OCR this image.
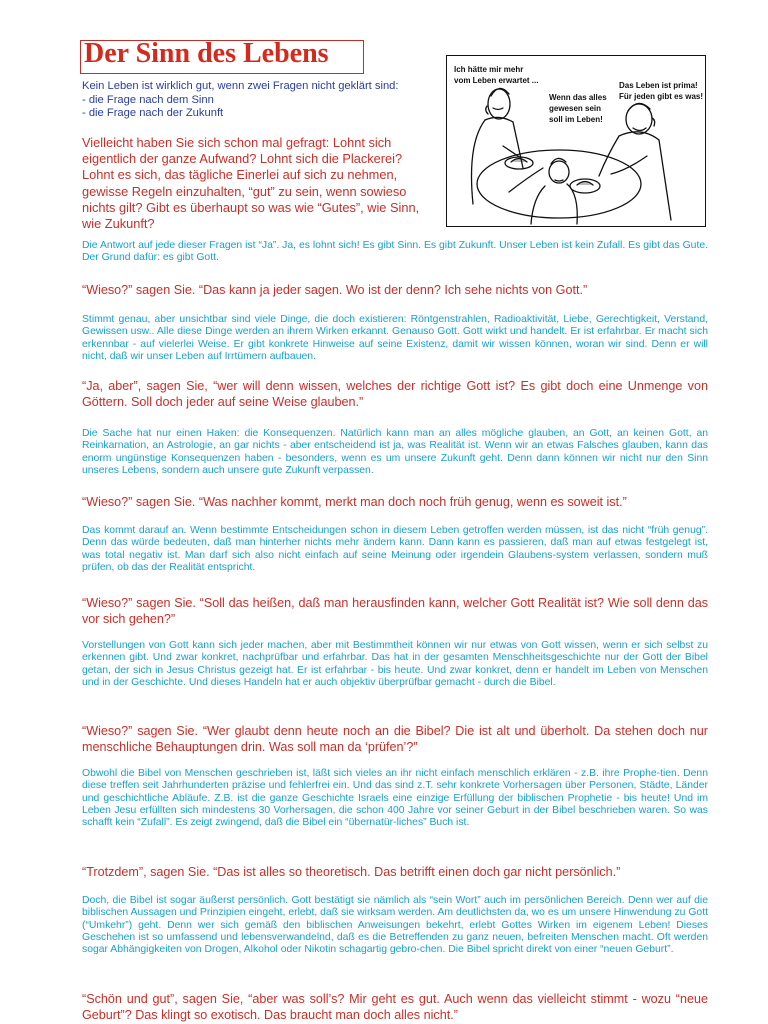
Der Sinn des Lebens

Kein Leben ist wirklich gut, wenn zwei Fragen nicht geklärt sind:

- die Frage nach dem Sinn

- die Frage nach der Zukunft

Vielleicht haben Sie sich schon mal gefragt: Lohnt sich eigentlich der ganze Aufwand? Lohnt sich die Plackerei? Lohnt es sich, das tägliche Einerlei auf sich zu nehmen, gewisse Regeln einzuhalten, “gut” zu sein, wenn sowieso nichts gilt? Gibt es überhaupt so was wie “Gutes”, wie Sinn, wie Zukunft?

Ich hätte mir mehr
vom Leben erwartet ...
Wenn das alles
gewesen sein
soll im Leben!
Das Leben ist prima!
Für jeden gibt es was!

Die Antwort auf jede dieser Fragen ist “Ja”. Ja, es lohnt sich! Es gibt Sinn. Es gibt Zukunft. Unser Leben ist kein Zufall. Es gibt das Gute. Der Grund dafür: es gibt Gott.

“Wieso?” sagen Sie. “Das kann ja jeder sagen. Wo ist der denn? Ich sehe nichts von Gott.”

Stimmt genau, aber unsichtbar sind viele Dinge, die doch existieren: Röntgenstrahlen, Radioaktivität, Liebe, Gerechtigkeit, Verstand, Gewissen usw.. Alle diese Dinge werden an ihrem Wirken erkannt. Genauso Gott. Gott wirkt und handelt. Er ist erfahrbar. Er macht sich erkennbar - auf vielerlei Weise. Er gibt konkrete Hinweise auf seine Existenz, damit wir wissen können, woran wir sind. Denn er will nicht, daß wir unser Leben auf Irrtümern aufbauen.

“Ja, aber”, sagen Sie, “wer will denn wissen, welches der richtige Gott ist? Es gibt doch eine Unmenge von Göttern. Soll doch jeder auf seine Weise glauben.”

Die Sache hat nur einen Haken: die Konsequenzen. Natürlich kann man an alles mögliche glauben, an Gott, an keinen Gott, an Reinkarnation, an Astrologie, an gar nichts - aber entscheidend ist ja, was Realität ist. Wenn wir an etwas Falsches glauben, kann das enorm ungünstige Konsequenzen haben - besonders, wenn es um unsere Zukunft geht. Denn dann können wir nicht nur den Sinn unseres Lebens, sondern auch unsere gute Zukunft verpassen.

“Wieso?” sagen Sie. “Was nachher kommt, merkt man doch noch früh genug, wenn es soweit ist.”

Das kommt darauf an. Wenn bestimmte Entscheidungen schon in diesem Leben getroffen werden müssen, ist das nicht “früh genug”. Denn das würde bedeuten, daß man hinterher nichts mehr ändern kann. Dann kann es passieren, daß man auf etwas festgelegt ist, was total negativ ist. Man darf sich also nicht einfach auf seine Meinung oder irgendein Glaubens-system verlassen, sondern muß prüfen, ob das der Realität entspricht.

“Wieso?” sagen Sie. “Soll das heißen, daß man herausfinden kann, welcher Gott Realität ist? Wie soll denn das vor sich gehen?”

Vorstellungen von Gott kann sich jeder machen, aber mit Bestimmtheit können wir nur etwas von Gott wissen, wenn er sich selbst zu erkennen gibt. Und zwar konkret, nachprüfbar und erfahrbar. Das hat in der gesamten Menschheitsgeschichte nur der Gott der Bibel getan, der sich in Jesus Christus gezeigt hat. Er ist erfahrbar - bis heute. Und zwar konkret, denn er handelt im Leben von Menschen und in der Geschichte. Und dieses Handeln hat er auch objektiv überprüfbar gemacht - durch die Bibel.

“Wieso?” sagen Sie. “Wer glaubt denn heute noch an die Bibel? Die ist alt und überholt. Da stehen doch nur menschliche Behauptungen drin. Was soll man da ‘prüfen’?”

Obwohl die Bibel von Menschen geschrieben ist, läßt sich vieles an ihr nicht einfach menschlich erklären - z.B. ihre Prophe-tien. Denn diese treffen seit Jahrhunderten präzise und fehlerfrei ein. Und das sind z.T. sehr konkrete Vorhersagen über Personen, Städte, Länder und geschichtliche Abläufe. Z.B. ist die ganze Geschichte Israels eine einzige Erfüllung der biblischen Prophetie - bis heute! Und im Leben Jesu erfüllten sich mindestens 30 Vorhersagen, die schon 400 Jahre vor seiner Geburt in der Bibel beschrieben waren. So was schafft kein “Zufall”. Es zeigt zwingend, daß die Bibel ein “übernatür-liches” Buch ist.

“Trotzdem”, sagen Sie. “Das ist alles so theoretisch. Das betrifft einen doch gar nicht persönlich.”

Doch, die Bibel ist sogar äußerst persönlich. Gott bestätigt sie nämlich als “sein Wort” auch im persönlichen Bereich. Denn wer auf die biblischen Aussagen und Prinzipien eingeht, erlebt, daß sie wirksam werden. Am deutlichsten da, wo es um unsere Hinwendung zu Gott (“Umkehr”) geht. Denn wer sich gemäß den biblischen Anweisungen bekehrt, erlebt Gottes Wirken im eigenem Leben! Dieses Geschehen ist so umfassend und lebensverwandelnd, daß es die Betreffenden zu ganz neuen, befreiten Menschen macht. Oft werden sogar Abhängigkeiten von Drogen, Alkohol oder Nikotin schagartig gebro-chen. Die Bibel spricht direkt von einer “neuen Geburt”.

“Schön und gut”, sagen Sie, “aber was soll’s? Mir geht es gut. Auch wenn das vielleicht stimmt - wozu “neue Geburt”? Das klingt so exotisch. Das braucht man doch alles nicht.”
